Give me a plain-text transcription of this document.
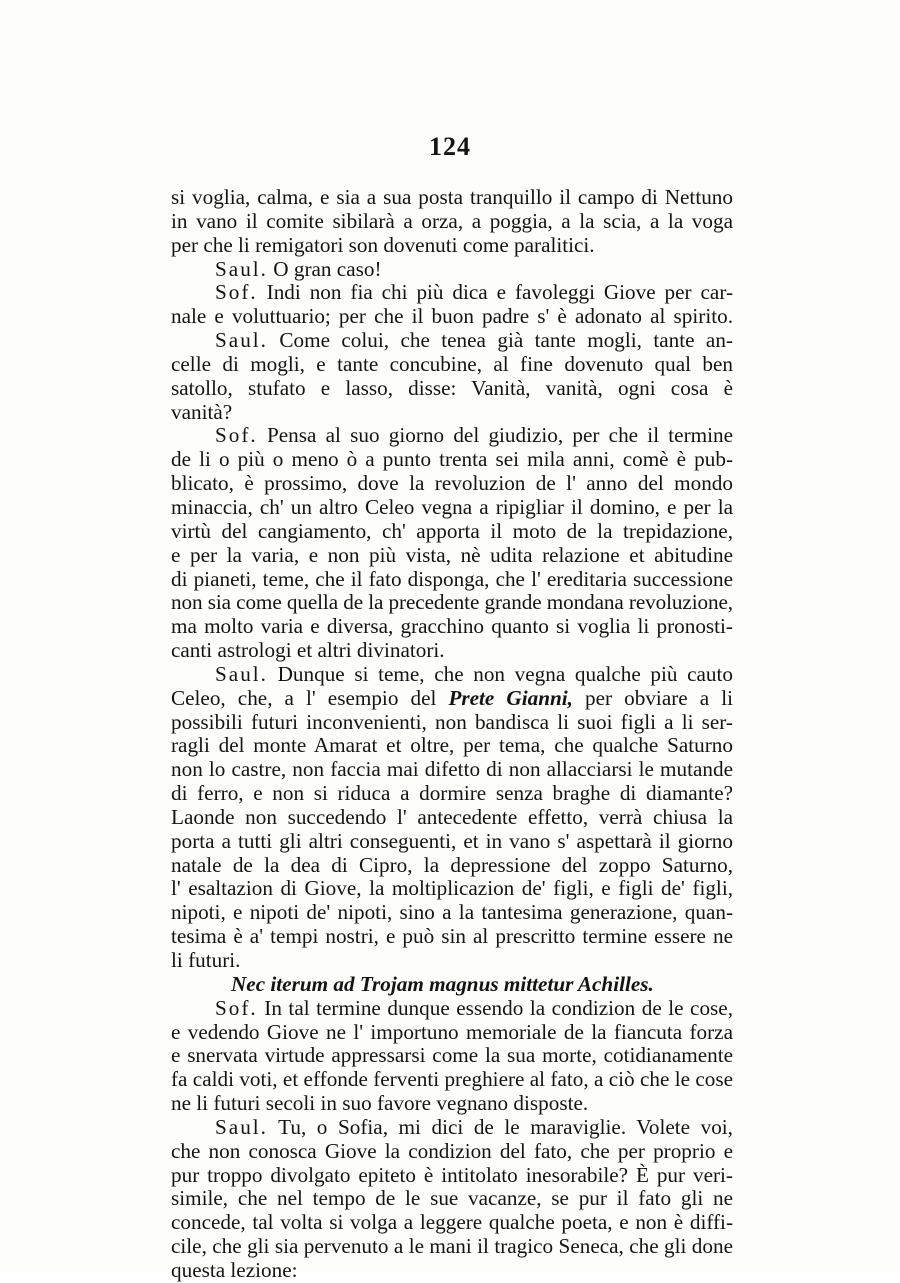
124
si voglia, calma, e sia a sua posta tranquillo il campo di Nettuno
in vano il comite sibilarà a orza, a poggia, a la scia, a la voga
per che li remigatori son dovenuti come paralitici.
Saul. O gran caso!
Sof. Indi non fia chi più dica e favoleggi Giove per car-
nale e voluttuario; per che il buon padre s' è adonato al spirito.
Saul. Come colui, che tenea già tante mogli, tante an-
celle di mogli, e tante concubine, al fine dovenuto qual ben
satollo, stufato e lasso, disse: Vanità, vanità, ogni cosa è
vanità?
Sof. Pensa al suo giorno del giudizio, per che il termine
de li o più o meno ò a punto trenta sei mila anni, comè è pub-
blicato, è prossimo, dove la revoluzion de l' anno del mondo
minaccia, ch' un altro Celeo vegna a ripigliar il domino, e per la
virtù del cangiamento, ch' apporta il moto de la trepidazione,
e per la varia, e non più vista, nè udita relazione et abitudine
di pianeti, teme, che il fato disponga, che l' ereditaria successione
non sia come quella de la precedente grande mondana revoluzione,
ma molto varia e diversa, gracchino quanto si voglia li pronosti-
canti astrologi et altri divinatori.
Saul. Dunque si teme, che non vegna qualche più cauto
Celeo, che, a l' esempio del Prete Gianni, per obviare a li
possibili futuri inconvenienti, non bandisca li suoi figli a li ser-
ragli del monte Amarat et oltre, per tema, che qualche Saturno
non lo castre, non faccia mai difetto di non allacciarsi le mutande
di ferro, e non si riduca a dormire senza braghe di diamante?
Laonde non succedendo l' antecedente effetto, verrà chiusa la
porta a tutti gli altri conseguenti, et in vano s' aspettarà il giorno
natale de la dea di Cipro, la depressione del zoppo Saturno,
l' esaltazion di Giove, la moltiplicazion de' figli, e figli de' figli,
nipoti, e nipoti de' nipoti, sino a la tantesima generazione, quan-
tesima è a' tempi nostri, e può sin al prescritto termine essere ne
li futuri.
Nec iterum ad Trojam magnus mittetur Achilles.
Sof. In tal termine dunque essendo la condizion de le cose,
e vedendo Giove ne l' importuno memoriale de la fiancuta forza
e snervata virtude appressarsi come la sua morte, cotidianamente
fa caldi voti, et effonde ferventi preghiere al fato, a ciò che le cose
ne li futuri secoli in suo favore vegnano disposte.
Saul. Tu, o Sofia, mi dici de le maraviglie. Volete voi,
che non conosca Giove la condizion del fato, che per proprio e
pur troppo divolgato epiteto è intitolato inesorabile? È pur veri-
simile, che nel tempo de le sue vacanze, se pur il fato gli ne
concede, tal volta si volga a leggere qualche poeta, e non è diffi-
cile, che gli sia pervenuto a le mani il tragico Seneca, che gli done
questa lezione:
